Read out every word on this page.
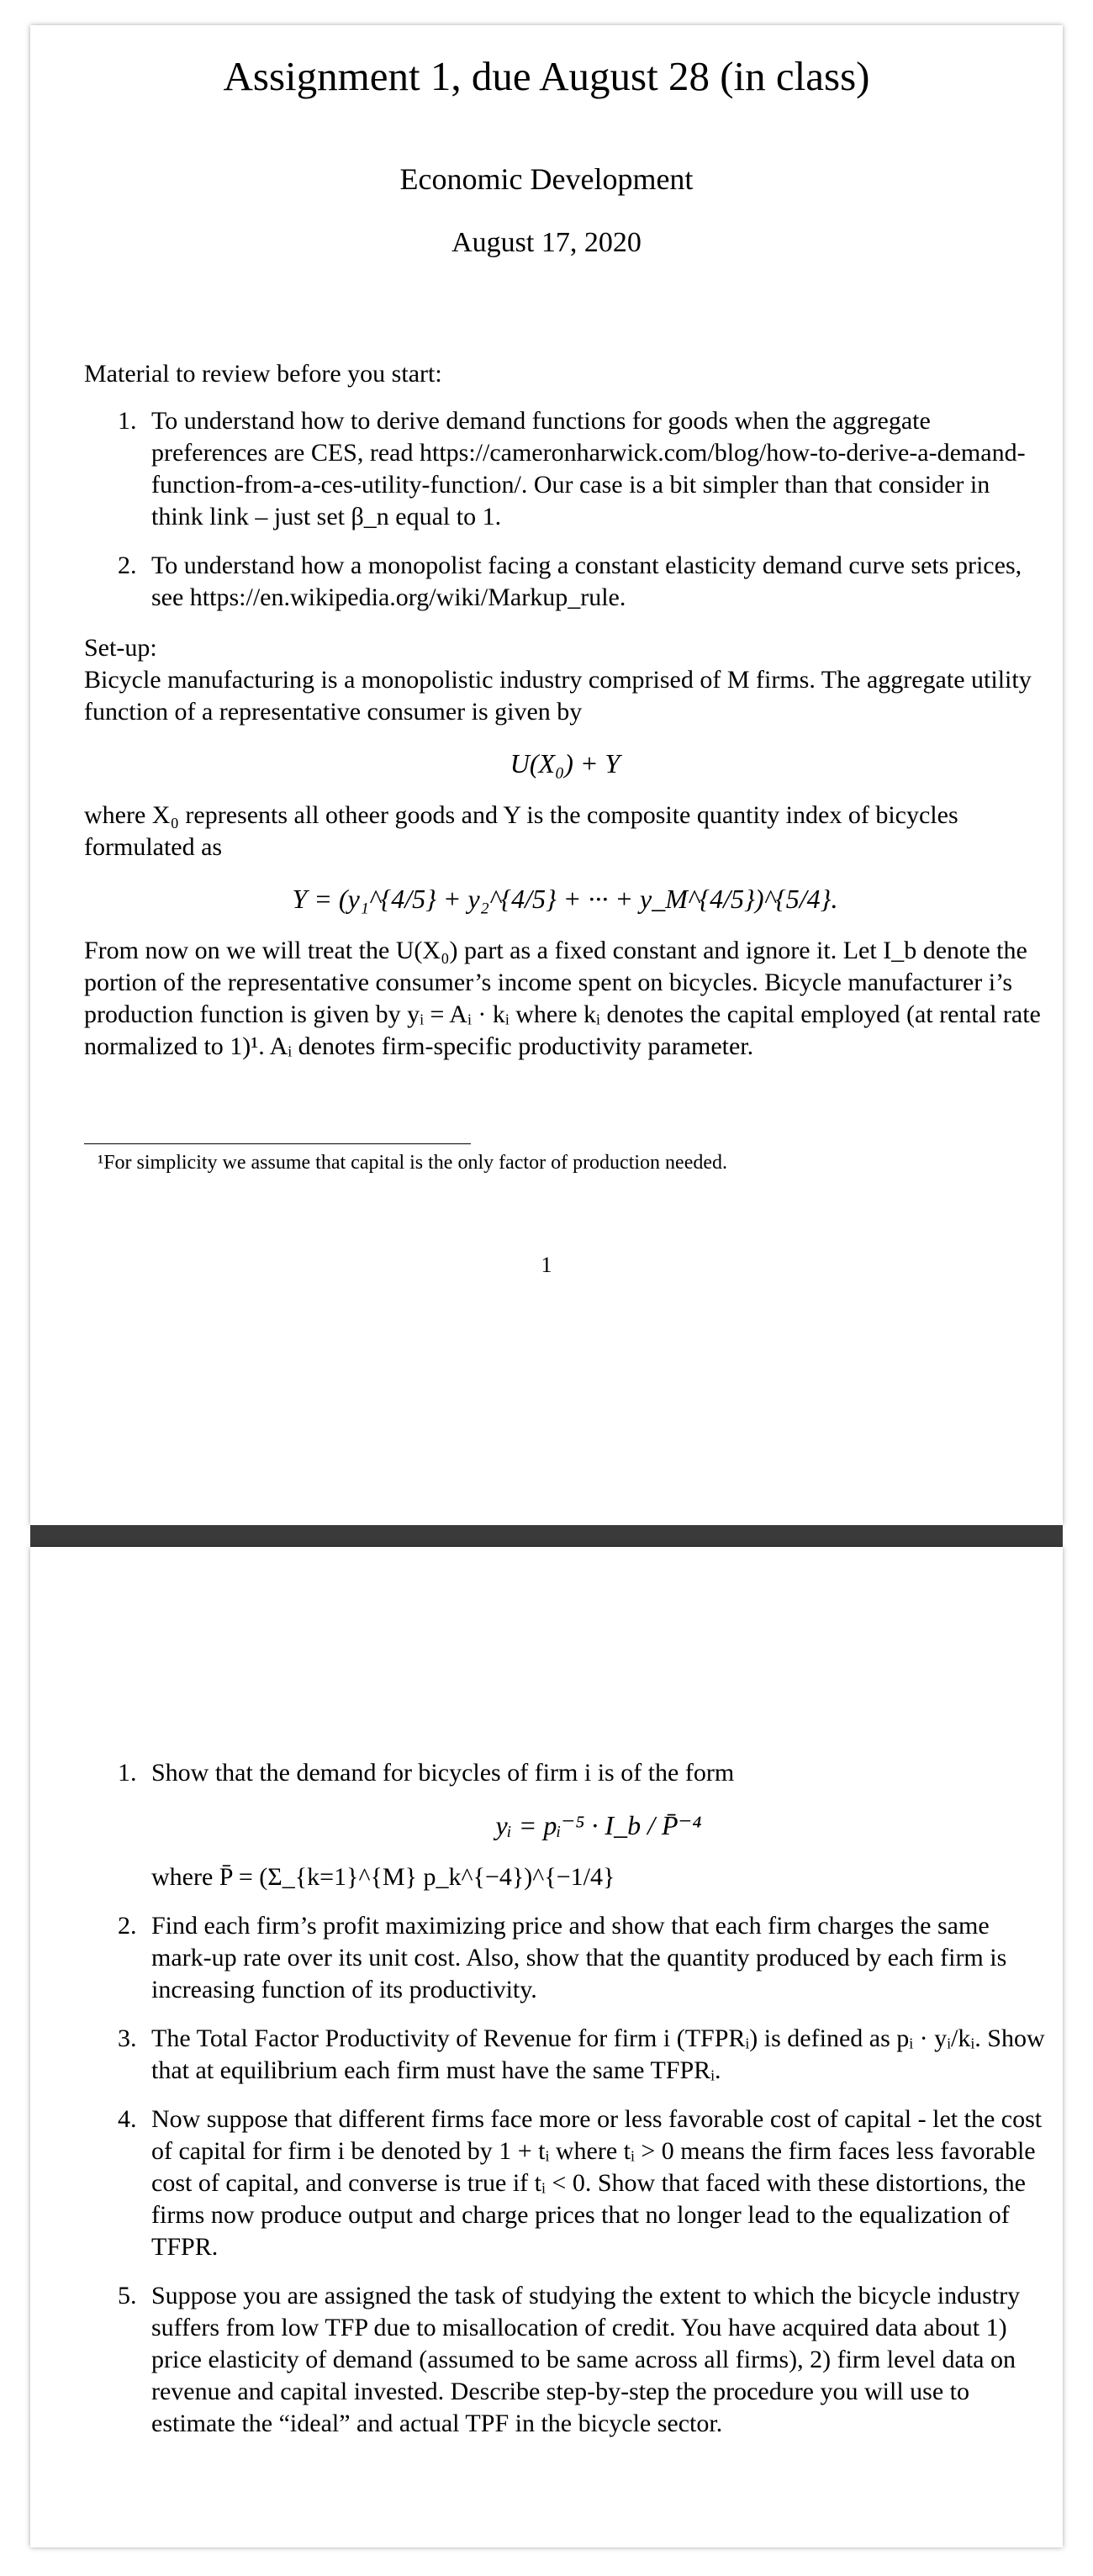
Assignment 1, due August 28 (in class)
Economic Development
August 17, 2020

Material to review before you start:

1. To understand how to derive demand functions for goods when the aggregate preferences are CES, read https://cameronharwick.com/blog/how-to-derive-a-demand-function-from-a-ces-utility-function/. Our case is a bit simpler than that consider in think link – just set β_n equal to 1.
2. To understand how a monopolist facing a constant elasticity demand curve sets prices, see https://en.wikipedia.org/wiki/Markup_rule.

Set-up:

Bicycle manufacturing is a monopolistic industry comprised of M firms. The aggregate utility function of a representative consumer is given by

U(X₀) + Y

where X₀ represents all otheer goods and Y is the composite quantity index of bicycles formulated as

Y = (y₁^{4/5} + y₂^{4/5} + ··· + y_M^{4/5})^{5/4}.

From now on we will treat the U(X₀) part as a fixed constant and ignore it. Let I_b denote the portion of the representative consumer’s income spent on bicycles. Bicycle manufacturer i’s production function is given by yᵢ = Aᵢ · kᵢ where kᵢ denotes the capital employed (at rental rate normalized to 1)¹. Aᵢ denotes firm-specific productivity parameter.

¹For simplicity we assume that capital is the only factor of production needed.
1
1. Show that the demand for bicycles of firm i is of the form
yᵢ = pᵢ⁻⁵ · I_b / P̄⁻⁴
where P̄ = (Σ_{k=1}^{M} p_k^{−4})^{−1/4}
2. Find each firm’s profit maximizing price and show that each firm charges the same mark-up rate over its unit cost. Also, show that the quantity produced by each firm is increasing function of its productivity.
3. The Total Factor Productivity of Revenue for firm i (TFPRᵢ) is defined as pᵢ · yᵢ/kᵢ. Show that at equilibrium each firm must have the same TFPRᵢ.
4. Now suppose that different firms face more or less favorable cost of capital - let the cost of capital for firm i be denoted by 1 + tᵢ where tᵢ > 0 means the firm faces less favorable cost of capital, and converse is true if tᵢ < 0. Show that faced with these distortions, the firms now produce output and charge prices that no longer lead to the equalization of TFPR.
5. Suppose you are assigned the task of studying the extent to which the bicycle industry suffers from low TFP due to misallocation of credit. You have acquired data about 1) price elasticity of demand (assumed to be same across all firms), 2) firm level data on revenue and capital invested. Describe step-by-step the procedure you will use to estimate the “ideal” and actual TPF in the bicycle sector.
